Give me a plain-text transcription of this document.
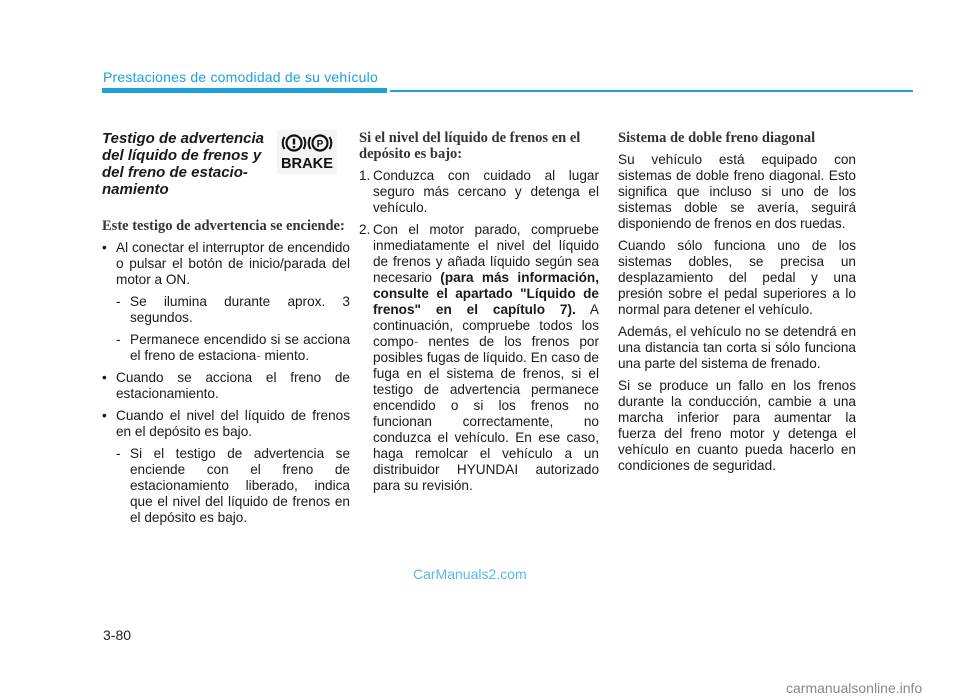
Prestaciones de comodidad de su vehículo
P
BRAKE
Testigo de advertencia del líquido de frenos y del freno de estacio-namiento
Este testigo de advertencia se enciende:
• Al conectar el interruptor de encendido o pulsar el botón de inicio/parada del motor a ON.
- Se ilumina durante aprox. 3 segundos.
- Permanece encendido si se acciona el freno de estaciona- miento.
• Cuando se acciona el freno de estacionamiento.
• Cuando el nivel del líquido de frenos en el depósito es bajo.
- Si el testigo de advertencia se enciende con el freno de estacionamiento liberado, indica que el nivel del líquido de frenos en el depósito es bajo.
Si el nivel del líquido de frenos en el depósito es bajo:
1. Conduzca con cuidado al lugar seguro más cercano y detenga el vehículo.
2. Con el motor parado, compruebe inmediatamente el nivel del líquido de frenos y añada líquido según sea necesario (para más información, consulte el apartado "Líquido de frenos" en el capítulo 7). A continuación, compruebe todos los compo- nentes de los frenos por posibles fugas de líquido. En caso de fuga en el sistema de frenos, si el testigo de advertencia permanece encendido o si los frenos no funcionan correctamente, no conduzca el vehículo. En ese caso, haga remolcar el vehículo a un distribuidor HYUNDAI autorizado para su revisión.
Sistema de doble freno diagonal

Su vehículo está equipado con sistemas de doble freno diagonal. Esto significa que incluso si uno de los sistemas doble se avería, seguirá disponiendo de frenos en dos ruedas.

Cuando sólo funciona uno de los sistemas dobles, se precisa un desplazamiento del pedal y una presión sobre el pedal superiores a lo normal para detener el vehículo.

Además, el vehículo no se detendrá en una distancia tan corta si sólo funciona una parte del sistema de frenado.

Si se produce un fallo en los frenos durante la conducción, cambie a una marcha inferior para aumentar la fuerza del freno motor y detenga el vehículo en cuanto pueda hacerlo en condiciones de seguridad.

CarManuals2.com
3-80
carmanualsonline.info
